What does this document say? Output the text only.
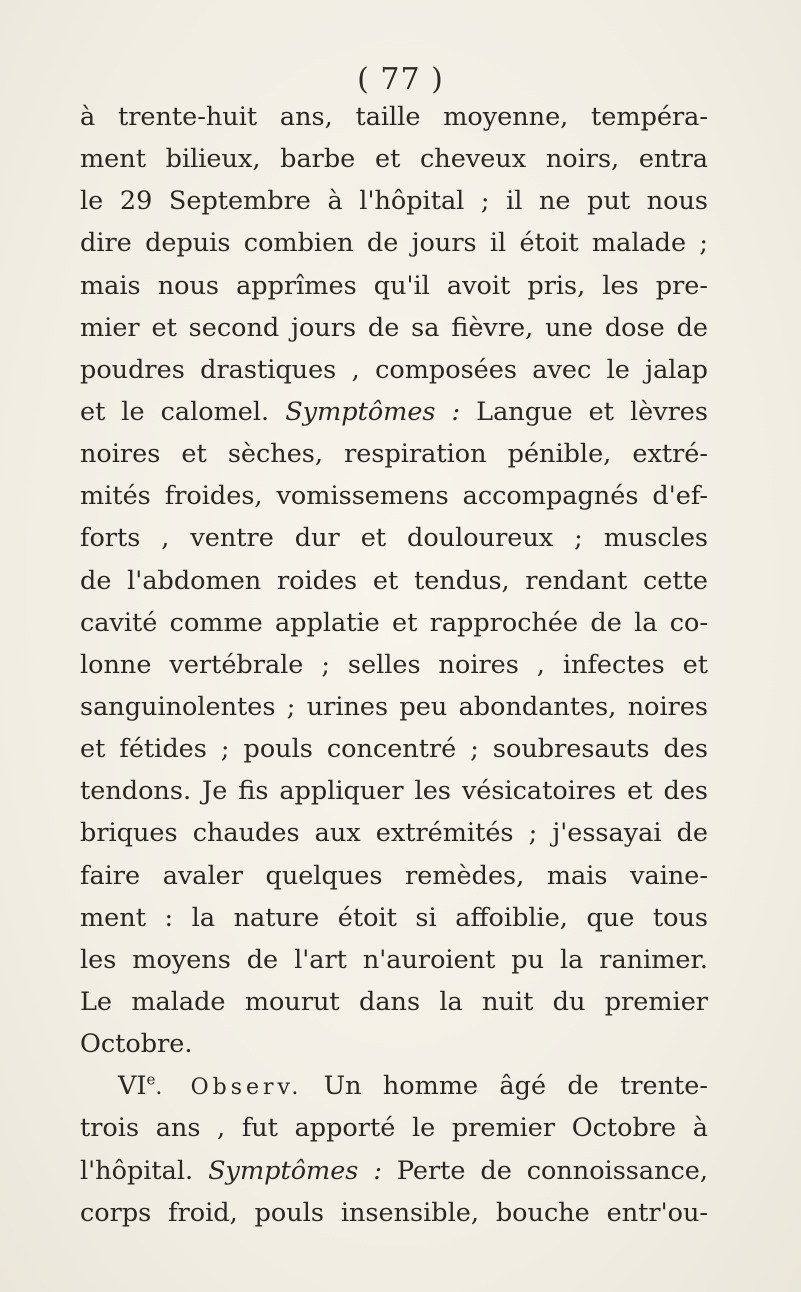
( 77 )
à trente-huit ans, taille moyenne, tempéra-
ment bilieux, barbe et cheveux noirs, entra
le 29 Septembre à l'hôpital ; il ne put nous
dire depuis combien de jours il étoit malade ;
mais nous apprîmes qu'il avoit pris, les pre-
mier et second jours de sa fièvre, une dose de
poudres drastiques , composées avec le jalap
et le calomel. Symptômes : Langue et lèvres
noires et sèches, respiration pénible, extré-
mités froides, vomissemens accompagnés d'ef-
forts , ventre dur et douloureux ; muscles
de l'abdomen roides et tendus, rendant cette
cavité comme applatie et rapprochée de la co-
lonne vertébrale ; selles noires , infectes et
sanguinolentes ; urines peu abondantes, noires
et fétides ; pouls concentré ; soubresauts des
tendons. Je fis appliquer les vésicatoires et des
briques chaudes aux extrémités ; j'essayai de
faire avaler quelques remèdes, mais vaine-
ment : la nature étoit si affoiblie, que tous
les moyens de l'art n'auroient pu la ranimer.
Le malade mourut dans la nuit du premier
Octobre.
VIe. Observ. Un homme âgé de trente-
trois ans , fut apporté le premier Octobre à
l'hôpital. Symptômes : Perte de connoissance,
corps froid, pouls insensible, bouche entr'ou-
